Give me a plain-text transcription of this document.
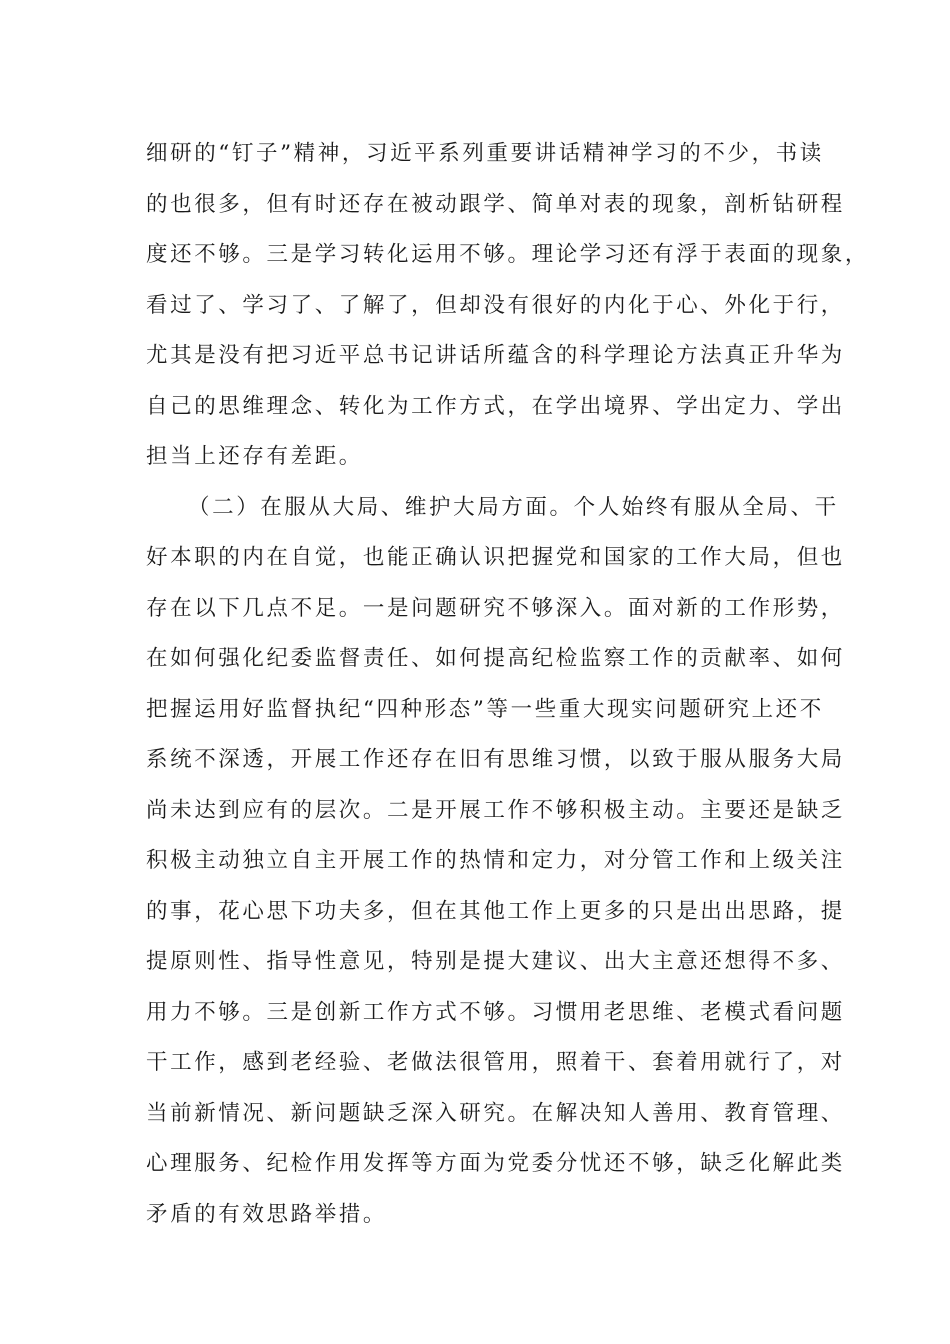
细研的“钉子”精神，习近平系列重要讲话精神学习的不少，书读
的也很多，但有时还存在被动跟学、简单对表的现象，剖析钻研程
度还不够。三是学习转化运用不够。理论学习还有浮于表面的现象，
看过了、学习了、了解了，但却没有很好的内化于心、外化于行，
尤其是没有把习近平总书记讲话所蕴含的科学理论方法真正升华为
自己的思维理念、转化为工作方式，在学出境界、学出定力、学出
担当上还存有差距。
（二）在服从大局、维护大局方面。个人始终有服从全局、干
好本职的内在自觉，也能正确认识把握党和国家的工作大局，但也
存在以下几点不足。一是问题研究不够深入。面对新的工作形势，
在如何强化纪委监督责任、如何提高纪检监察工作的贡献率、如何
把握运用好监督执纪“四种形态”等一些重大现实问题研究上还不
系统不深透，开展工作还存在旧有思维习惯，以致于服从服务大局
尚未达到应有的层次。二是开展工作不够积极主动。主要还是缺乏
积极主动独立自主开展工作的热情和定力，对分管工作和上级关注
的事，花心思下功夫多，但在其他工作上更多的只是出出思路，提
提原则性、指导性意见，特别是提大建议、出大主意还想得不多、
用力不够。三是创新工作方式不够。习惯用老思维、老模式看问题
干工作，感到老经验、老做法很管用，照着干、套着用就行了，对
当前新情况、新问题缺乏深入研究。在解决知人善用、教育管理、
心理服务、纪检作用发挥等方面为党委分忧还不够，缺乏化解此类
矛盾的有效思路举措。
